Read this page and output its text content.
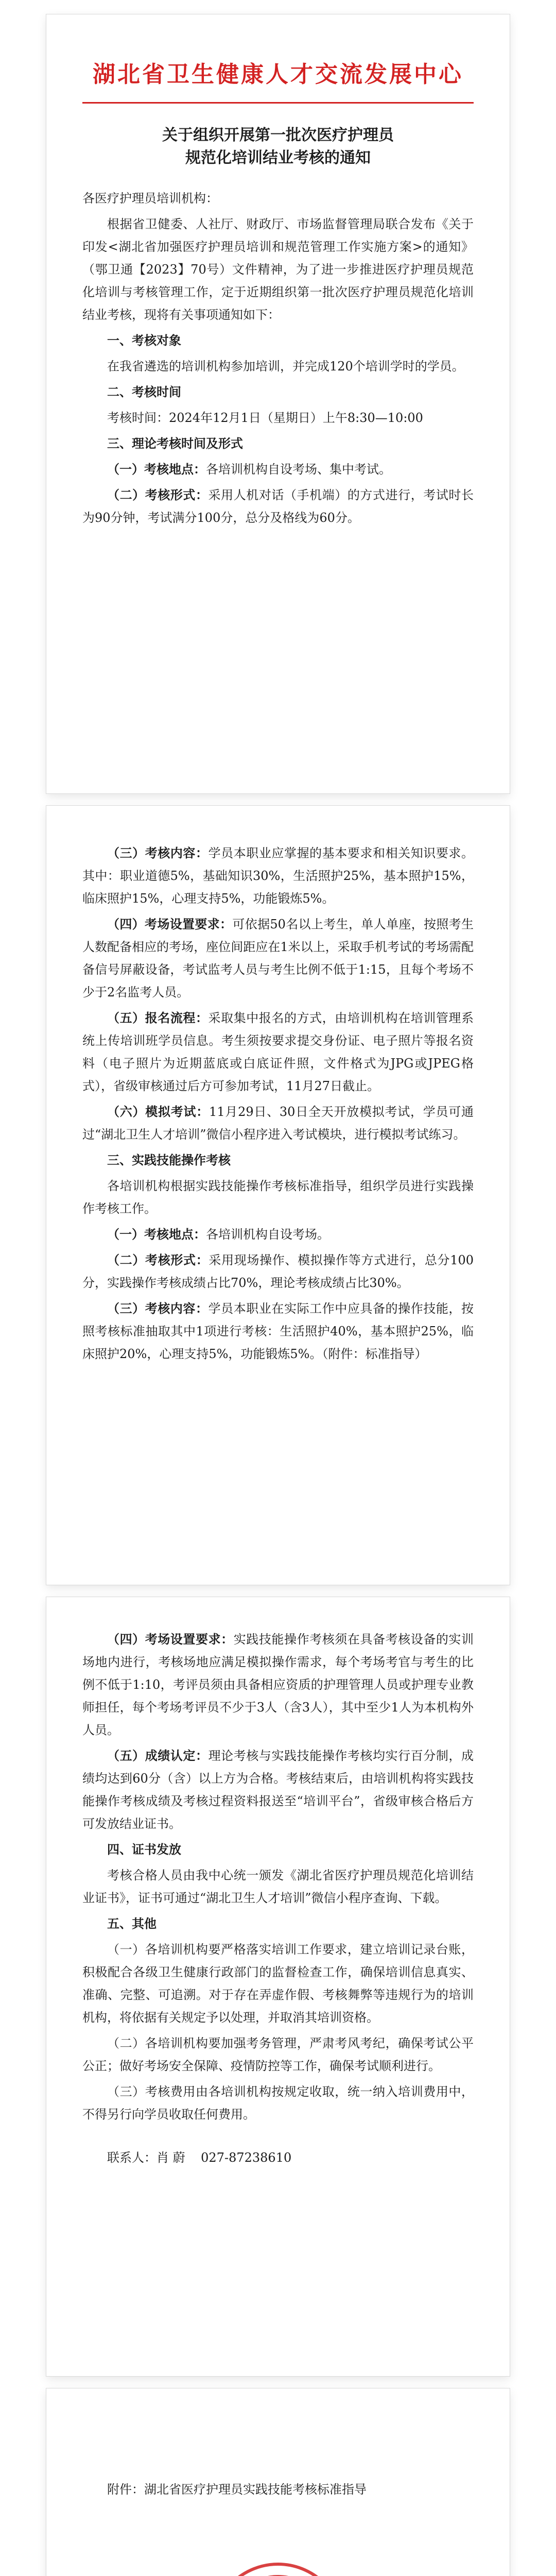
湖北省卫生健康人才交流发展中心
关于组织开展第一批次医疗护理员
规范化培训结业考核的通知

各医疗护理员培训机构：

根据省卫健委、人社厅、财政厅、市场监督管理局联合发布《关于印发<湖北省加强医疗护理员培训和规范管理工作实施方案>的通知》（鄂卫通【2023】70号）文件精神，为了进一步推进医疗护理员规范化培训与考核管理工作，定于近期组织第一批次医疗护理员规范化培训结业考核，现将有关事项通知如下：

一、考核对象

在我省遴选的培训机构参加培训，并完成120个培训学时的学员。

二、考核时间

考核时间：2024年12月1日（星期日）上午8:30—10:00

三、理论考核时间及形式

（一）考核地点：各培训机构自设考场、集中考试。

（二）考核形式：采用人机对话（手机端）的方式进行，考试时长为90分钟，考试满分100分，总分及格线为60分。

（三）考核内容：学员本职业应掌握的基本要求和相关知识要求。其中：职业道德5%，基础知识30%，生活照护25%，基本照护15%，临床照护15%，心理支持5%，功能锻炼5%。

（四）考场设置要求：可依据50名以上考生，单人单座，按照考生人数配备相应的考场，座位间距应在1米以上，采取手机考试的考场需配备信号屏蔽设备，考试监考人员与考生比例不低于1:15，且每个考场不少于2名监考人员。

（五）报名流程：采取集中报名的方式，由培训机构在培训管理系统上传培训班学员信息。考生须按要求提交身份证、电子照片等报名资料（电子照片为近期蓝底或白底证件照，文件格式为JPG或JPEG格式），省级审核通过后方可参加考试，11月27日截止。

（六）模拟考试：11月29日、30日全天开放模拟考试，学员可通过“湖北卫生人才培训”微信小程序进入考试模块，进行模拟考试练习。

三、实践技能操作考核

各培训机构根据实践技能操作考核标准指导，组织学员进行实践操作考核工作。

（一）考核地点：各培训机构自设考场。

（二）考核形式：采用现场操作、模拟操作等方式进行，总分100分，实践操作考核成绩占比70%，理论考核成绩占比30%。

（三）考核内容：学员本职业在实际工作中应具备的操作技能，按照考核标准抽取其中1项进行考核：生活照护40%，基本照护25%，临床照护20%，心理支持5%，功能锻炼5%。（附件：标准指导）

（四）考场设置要求：实践技能操作考核须在具备考核设备的实训场地内进行，考核场地应满足模拟操作需求，每个考场考官与考生的比例不低于1:10，考评员须由具备相应资质的护理管理人员或护理专业教师担任，每个考场考评员不少于3人（含3人），其中至少1人为本机构外人员。

（五）成绩认定：理论考核与实践技能操作考核均实行百分制，成绩均达到60分（含）以上方为合格。考核结束后，由培训机构将实践技能操作考核成绩及考核过程资料报送至“培训平台”，省级审核合格后方可发放结业证书。

四、证书发放

考核合格人员由我中心统一颁发《湖北省医疗护理员规范化培训结业证书》，证书可通过“湖北卫生人才培训”微信小程序查询、下载。

五、其他

（一）各培训机构要严格落实培训工作要求，建立培训记录台账，积极配合各级卫生健康行政部门的监督检查工作，确保培训信息真实、准确、完整、可追溯。对于存在弄虚作假、考核舞弊等违规行为的培训机构，将依据有关规定予以处理，并取消其培训资格。

（二）各培训机构要加强考务管理，严肃考风考纪，确保考试公平公正；做好考场安全保障、疫情防控等工作，确保考试顺利进行。

（三）考核费用由各培训机构按规定收取，统一纳入培训费用中，不得另行向学员收取任何费用。

联系人：肖 蔚 027-87238610

附件：湖北省医疗护理员实践技能考核标准指导
